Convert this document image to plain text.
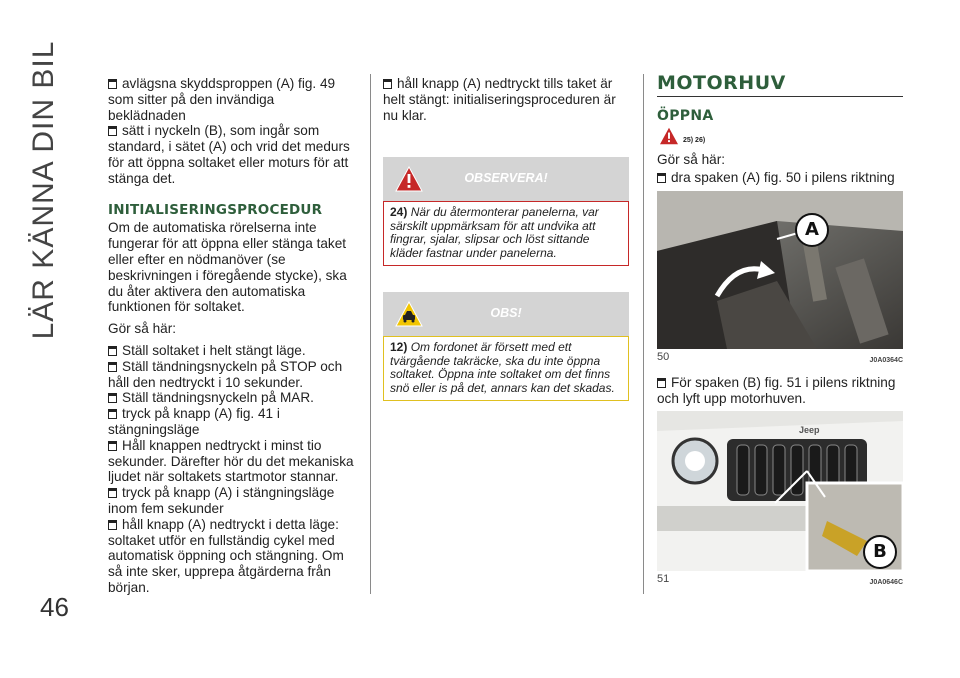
LÄR KÄNNA DIN BIL
46

avlägsna skyddsproppen (A) fig. 49 som sitter på den invändiga beklädnaden

sätt i nyckeln (B), som ingår som standard, i sätet (A) och vrid det medurs för att öppna soltaket eller moturs för att stänga det.

INITIALISERINGSPROCEDUR

Om de automatiska rörelserna inte fungerar för att öppna eller stänga taket eller efter en nödmanöver (se beskrivningen i föregående stycke), ska du åter aktivera den automatiska funktionen för soltaket.

Gör så här:

Ställ soltaket i helt stängt läge.

Ställ tändningsnyckeln på STOP och håll den nedtryckt i 10 sekunder.

Ställ tändningsnyckeln på MAR.

tryck på knapp (A) fig. 41 i stängningsläge

Håll knappen nedtryckt i minst tio sekunder. Därefter hör du det mekaniska ljudet när soltakets startmotor stannar.

tryck på knapp (A) i stängningsläge inom fem sekunder

håll knapp (A) nedtryckt i detta läge: soltaket utför en fullständig cykel med automatisk öppning och stängning. Om så inte sker, upprepa åtgärderna från början.

håll knapp (A) nedtryckt tills taket är helt stängt: initialiseringsproceduren är nu klar.

OBSERVERA!
24) När du återmonterar panelerna, var särskilt uppmärksam för att undvika att fingrar, sjalar, slipsar och löst sittande kläder fastnar under panelerna.
OBS!
12) Om fordonet är försett med ett tvärgående takräcke, ska du inte öppna soltaket. Öppna inte soltaket om det finns snö eller is på det, annars kan det skadas.
MOTORHUV
ÖPPNA
25) 26)

Gör så här:

dra spaken (A) fig. 50 i pilens riktning

A
50	J0A0364C

För spaken (B) fig. 51 i pilens riktning och lyft upp motorhuven.

Jeep
B
51	J0A0646C
